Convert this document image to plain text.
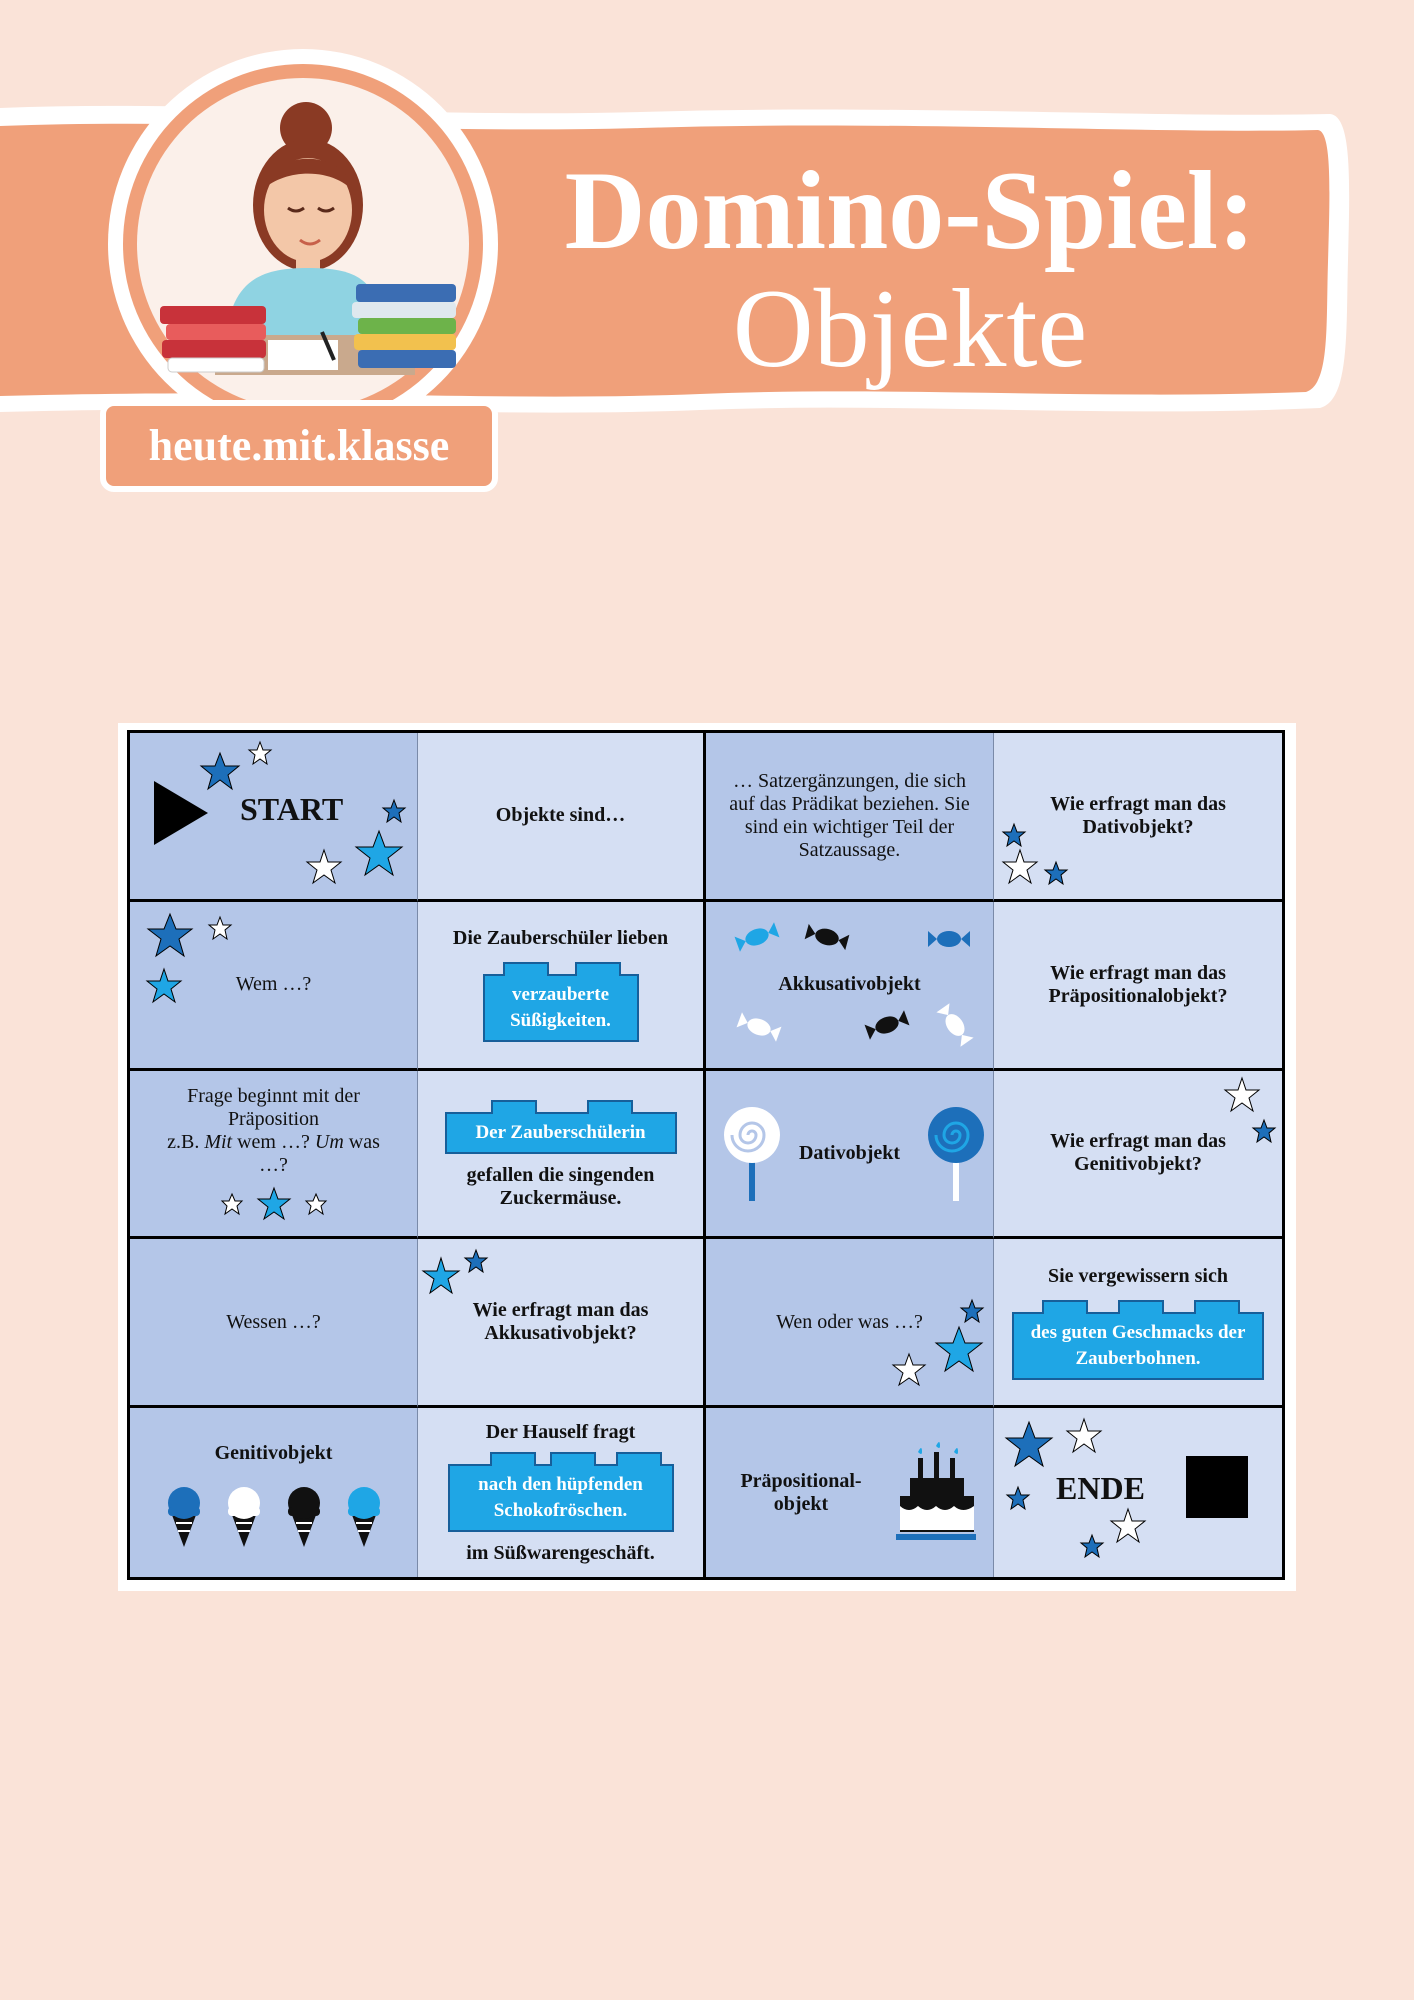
Domino-Spiel:
Objekte
heute.mit.klasse
START	Objekte sind…
… Satzergänzungen, die sich auf das Prädikat beziehen. Sie sind ein wichtiger Teil der Satzaussage.
Wie erfragt man das Dativobjekt?
Wem …?
Die Zauberschüler lieben
verzauberte Süßigkeiten.
Akkusativobjekt
Wie erfragt man das Präpositionalobjekt?
Frage beginnt mit der Präposition
z.B. Mit wem …? Um was …?
Der Zauberschülerin
gefallen die singenden Zuckermäuse.
Dativobjekt
Wie erfragt man das Genitivobjekt?
Wessen …?
Wie erfragt man das Akkusativobjekt?
Wen oder was …?
Sie vergewissern sich
des guten Geschmacks der Zauberbohnen.
Genitivobjekt
Der Hauself fragt
nach den hüpfenden Schokofröschen.
im Süßwarengeschäft.
Präpositional-objekt	ENDE
